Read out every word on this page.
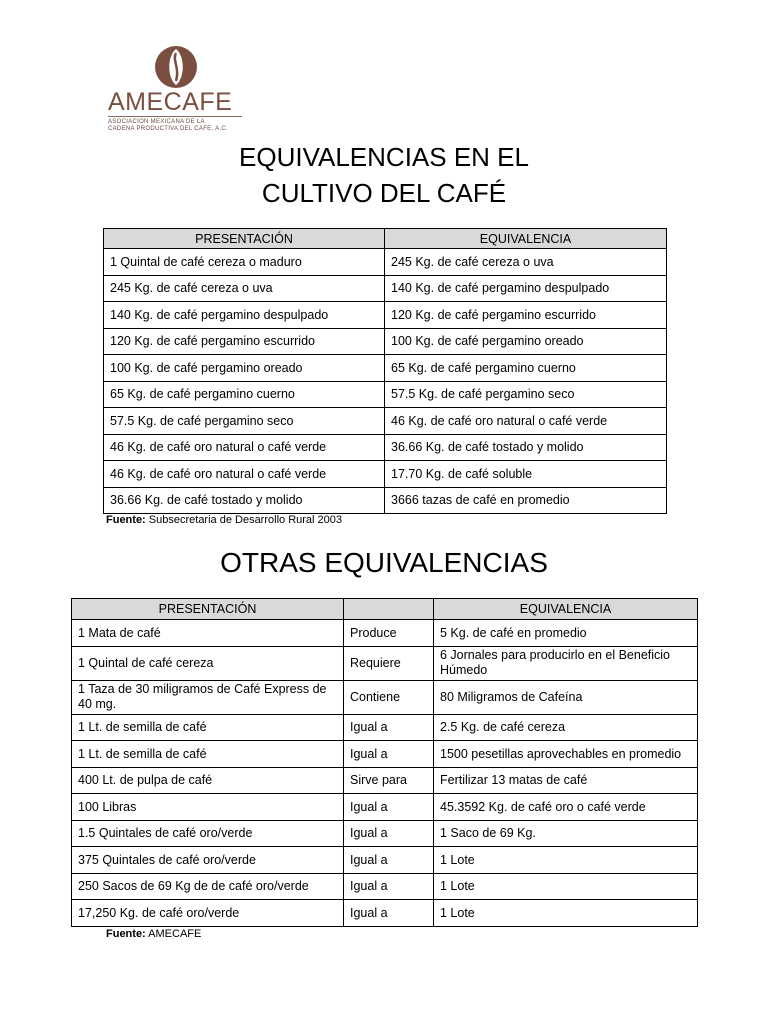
AMECAFE
ASOCIACION MEXICANA DE LA
CADENA PRODUCTIVA DEL CAFE, A.C.
EQUIVALENCIAS EN EL
CULTIVO DEL CAFÉ
PRESENTACIÓN	EQUIVALENCIA
1 Quintal de café cereza o maduro	245 Kg. de café cereza o uva
245 Kg. de café cereza o uva	140 Kg. de café pergamino despulpado
140 Kg. de café pergamino despulpado	120 Kg. de café pergamino escurrido
120 Kg. de café pergamino escurrido	100 Kg. de café pergamino oreado
100 Kg. de café pergamino oreado	65 Kg. de café pergamino cuerno
65 Kg. de café pergamino cuerno	57.5 Kg. de café pergamino seco
57.5 Kg. de café pergamino seco	46 Kg. de café oro natural o café verde
46 Kg. de café oro natural o café verde	36.66 Kg. de café tostado y molido
46 Kg. de café oro natural o café verde	17.70 Kg. de café soluble
36.66 Kg. de café tostado y molido	3666 tazas de café en promedio
Fuente: Subsecretaria de Desarrollo Rural 2003
OTRAS EQUIVALENCIAS
PRESENTACIÓN		EQUIVALENCIA
1 Mata de café	Produce	5 Kg. de café en promedio
1 Quintal de café cereza	Requiere	6 Jornales para producirlo en el Beneficio Húmedo
1 Taza de 30 miligramos de Café Express de 40 mg.	Contiene	80 Miligramos de Cafeína
1 Lt. de semilla de café	Igual a	2.5 Kg. de café cereza
1 Lt. de semilla de café	Igual a	1500 pesetillas aprovechables en promedio
400 Lt. de pulpa de café	Sirve para	Fertilizar 13 matas de café
100 Libras	Igual a	45.3592 Kg. de café oro o café verde
1.5 Quintales de café oro/verde	Igual a	1 Saco de 69 Kg.
375 Quintales de café oro/verde	Igual a	1 Lote
250 Sacos de 69 Kg de de café oro/verde	Igual a	1 Lote
17,250 Kg. de café oro/verde	Igual a	1 Lote
Fuente: AMECAFE
